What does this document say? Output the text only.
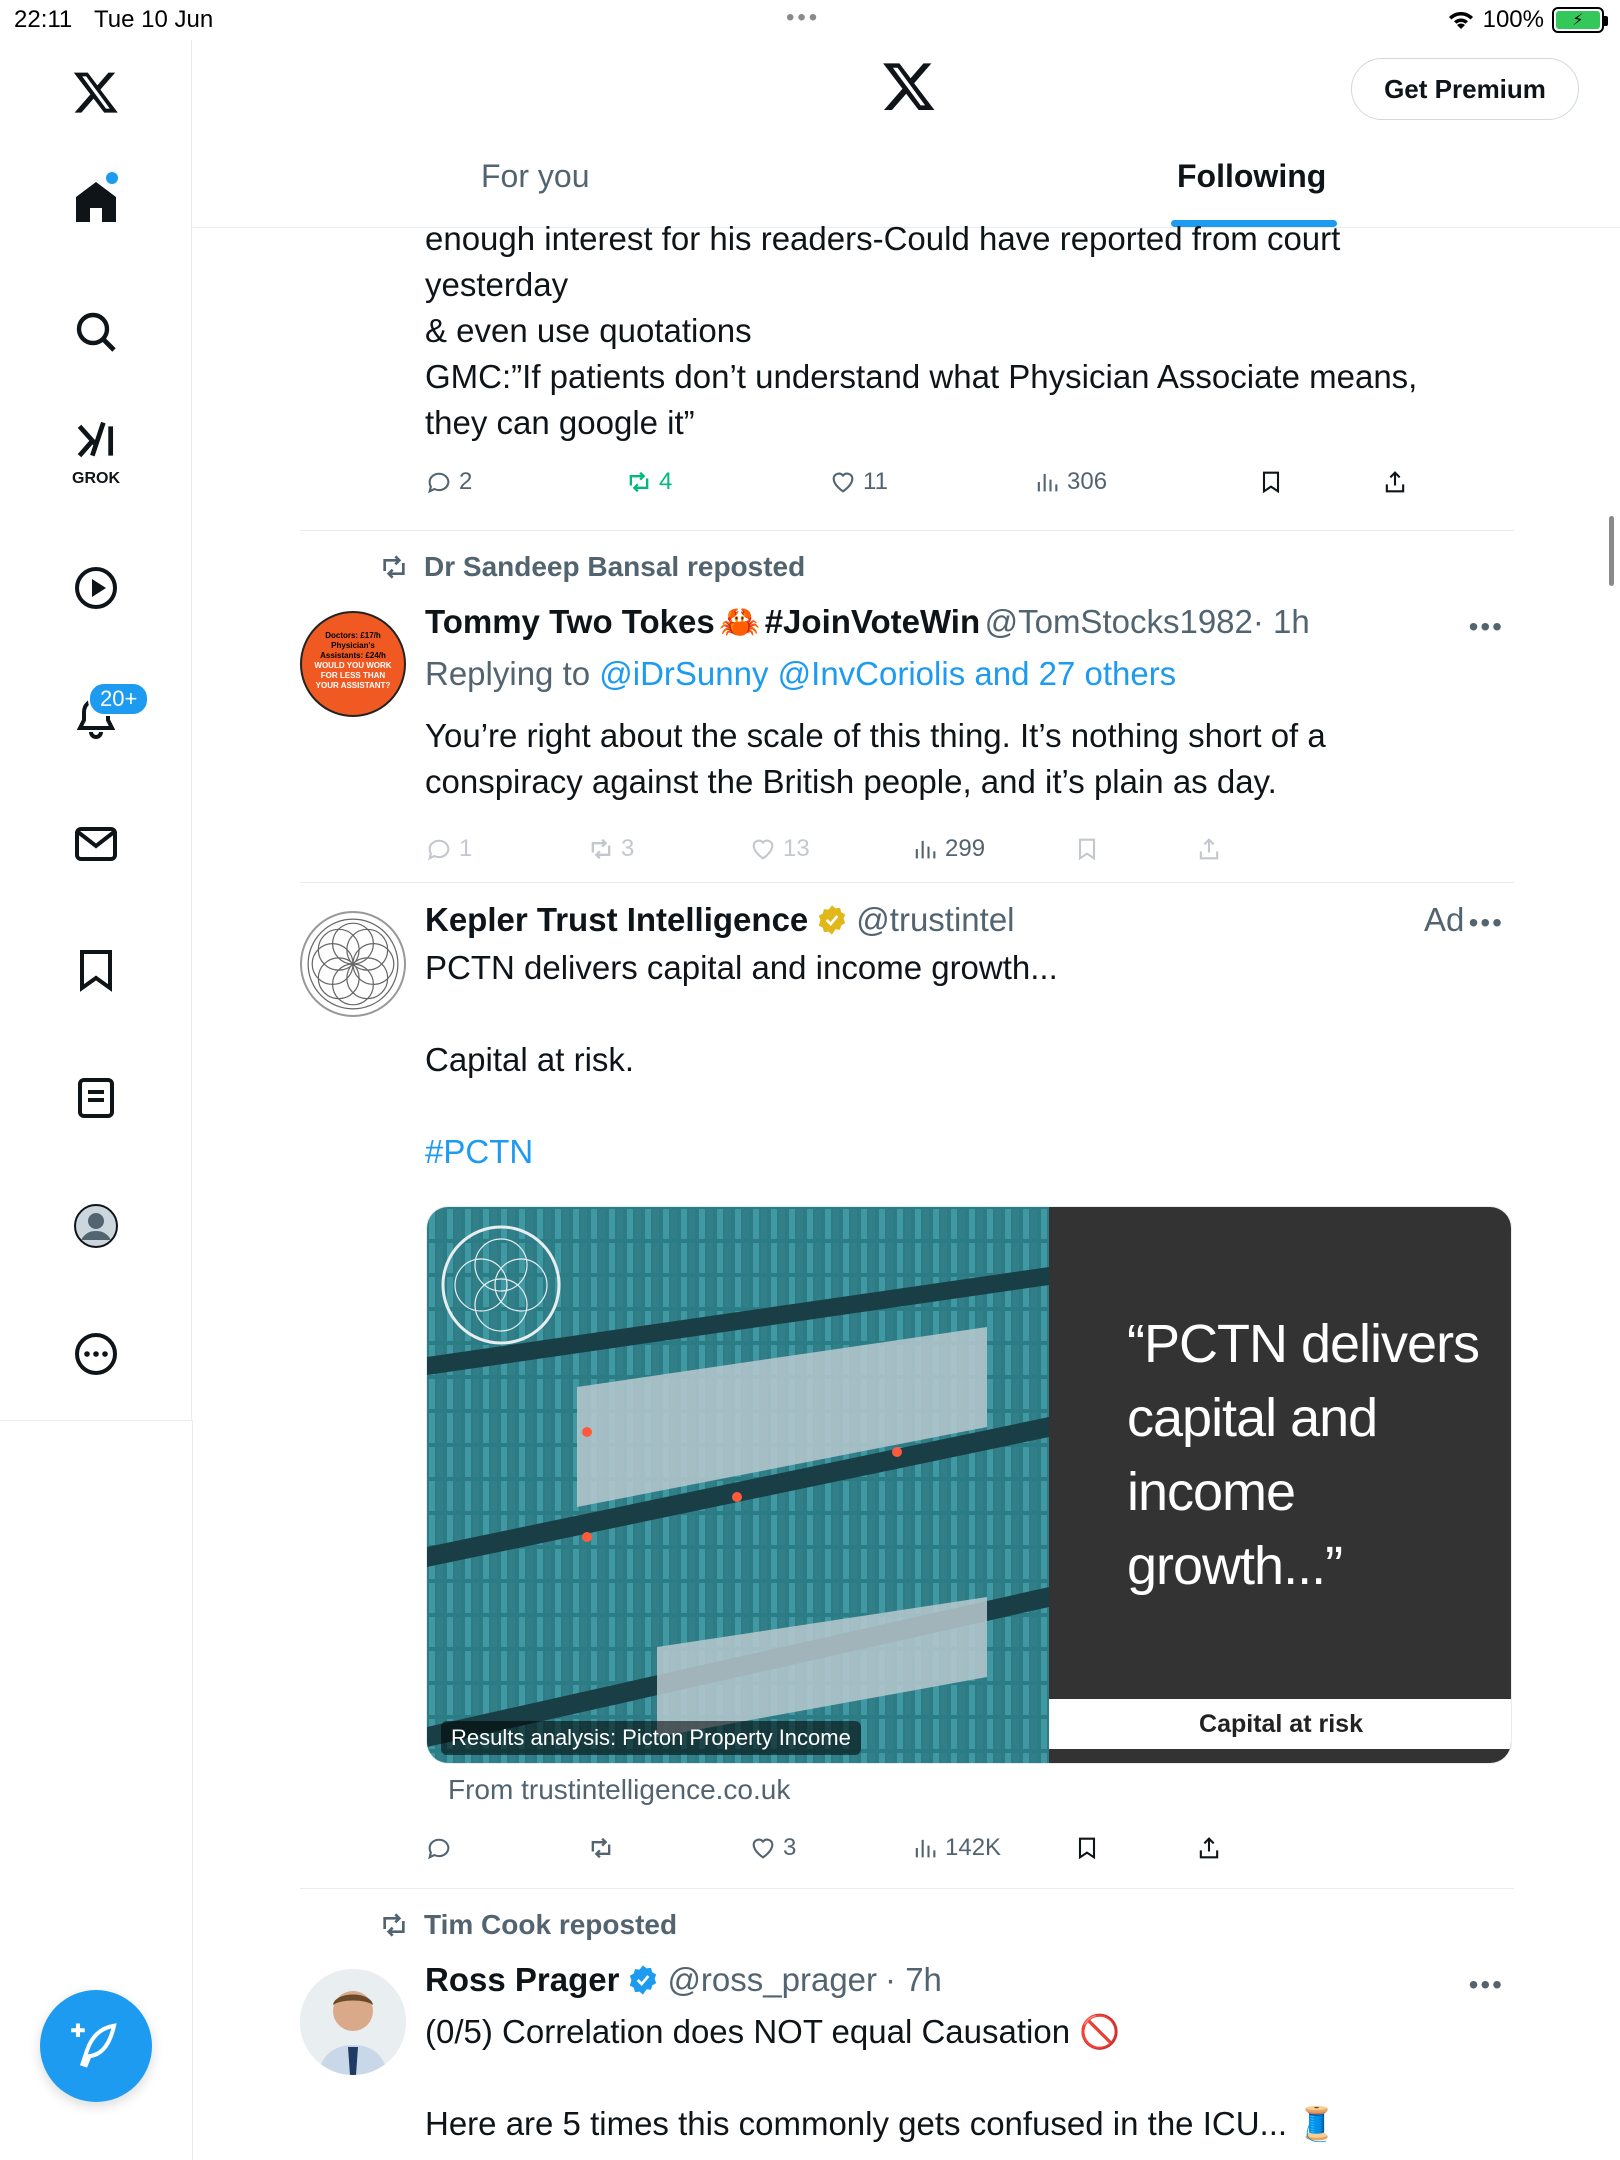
22:11 Tue 10 Jun	•••	100%	⚡
GROK
20+
Get Premium
For you	Following
enough interest for his readers-Could have reported from court
yesterday
& even use quotations
GMC:”If patients don’t understand what Physician Associate means,
they can google it”
2	4	11	306
Dr Sandeep Bansal reposted
Doctors: £17/h
Physician's
Assistants: £24/h
WOULD YOU WORK
FOR LESS THAN
YOUR ASSISTANT?
Tommy Two Tokes 🦀 #JoinVoteWin @TomStocks1982· 1h	•••
Replying to @iDrSunny @InvCoriolis and 27 others
You’re right about the scale of this thing. It’s nothing short of a
conspiracy against the British people, and it’s plain as day.
1	3	13	299
Kepler Trust Intelligence @trustintel	Ad •••
PCTN delivers capital and income growth...
Capital at risk.
#PCTN
Results analysis: Picton Property Income
“PCTN delivers capital and income growth...”
Capital at risk
From trustintelligence.co.uk
3	142K
Tim Cook reposted
Ross Prager @ross_prager · 7h	•••
(0/5) Correlation does NOT equal Causation 🚫
Here are 5 times this commonly gets confused in the ICU... 🧵
